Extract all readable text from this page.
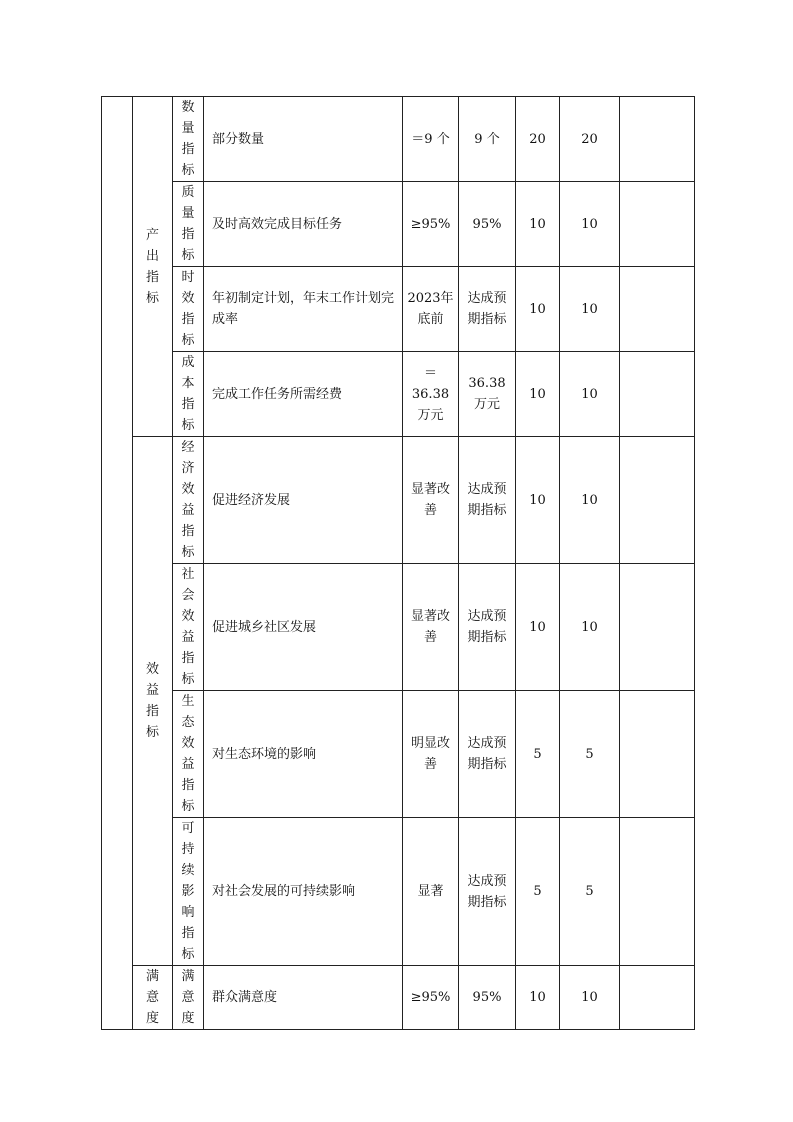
	产出指标	数量指标	部分数量	＝9 个	9 个	20	20	
		质量指标	及时高效完成目标任务	≥95%	95%	10	10	
		时效指标	年初制定计划，年末工作计划完成率	2023年底前	达成预期指标	10	10	
		成本指标	完成工作任务所需经费	＝36.38万元	36.38万元	10	10	
	效益指标	经济效益指标	促进经济发展	显著改善	达成预期指标	10	10	
		社会效益指标	促进城乡社区发展	显著改善	达成预期指标	10	10	
		生态效益指标	对生态环境的影响	明显改善	达成预期指标	5	5	
		可持续影响指标	对社会发展的可持续影响	显著	达成预期指标	5	5	
	满意度	满意度	群众满意度	≥95%	95%	10	10	
